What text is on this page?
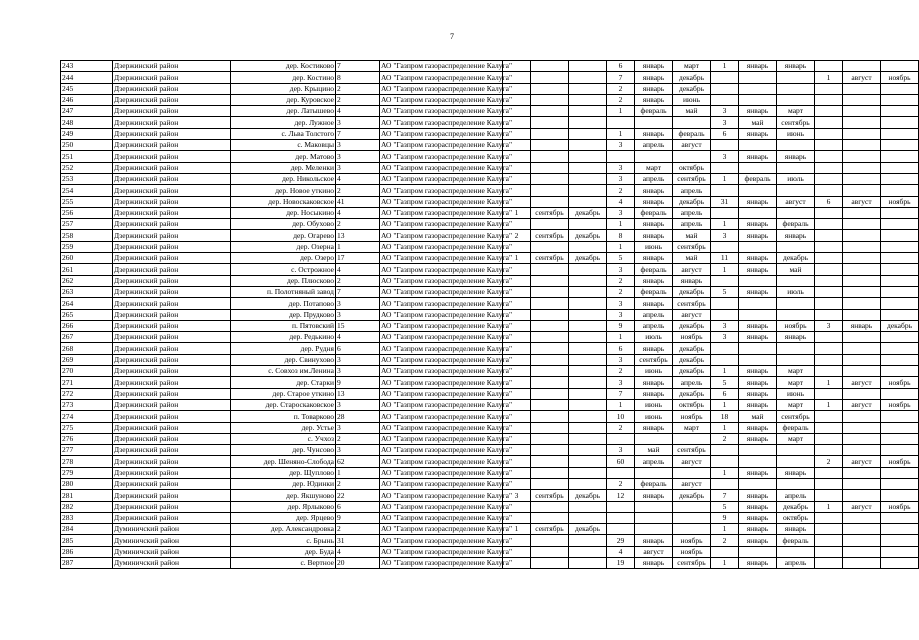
7
243	Дзержинский район	дер. Костиково	7	АО "Газпром газораспределение Калуга"				6	январь	март	1	январь	январь			
244	Дзержинский район	дер. Костино	8	АО "Газпром газораспределение Калуга"				7	январь	декабрь				1	август	ноябрь
245	Дзержинский район	дер. Крыцино	2	АО "Газпром газораспределение Калуга"				2	январь	декабрь						
246	Дзержинский район	дер. Куровское	2	АО "Газпром газораспределение Калуга"				2	январь	июнь						
247	Дзержинский район	дер. Латышево	4	АО "Газпром газораспределение Калуга"				1	февраль	май	3	январь	март			
248	Дзержинский район	дер. Лужное	3	АО "Газпром газораспределение Калуга"							3	май	сентябрь			
249	Дзержинский район	с. Льва Толстого	7	АО "Газпром газораспределение Калуга"				1	январь	февраль	6	январь	июнь			
250	Дзержинский район	с. Маковцы	3	АО "Газпром газораспределение Калуга"				3	апрель	август						
251	Дзержинский район	дер. Матово	3	АО "Газпром газораспределение Калуга"							3	январь	январь			
252	Дзержинский район	дер. Меленки	3	АО "Газпром газораспределение Калуга"				3	март	октябрь						
253	Дзержинский район	дер. Никольское	4	АО "Газпром газораспределение Калуга"				3	апрель	сентябрь	1	февраль	июль			
254	Дзержинский район	дер. Новое уткино	2	АО "Газпром газораспределение Калуга"				2	январь	апрель						
255	Дзержинский район	дер. Новоскаковское	41	АО "Газпром газораспределение Калуга"				4	январь	декабрь	31	январь	август	6	август	ноябрь
256	Дзержинский район	дер. Носыкино	4	АО "Газпром газораспределение Калуга"	1	сентябрь	декабрь	3	февраль	апрель						
257	Дзержинский район	дер. Обухово	2	АО "Газпром газораспределение Калуга"				1	январь	апрель	1	январь	февраль			
258	Дзержинский район	дер. Огарево	13	АО "Газпром газораспределение Калуга"	2	сентябрь	декабрь	8	январь	май	3	январь	январь			
259	Дзержинский район	дер. Озерна	1	АО "Газпром газораспределение Калуга"				1	июнь	сентябрь						
260	Дзержинский район	дер. Озеро	17	АО "Газпром газораспределение Калуга"	1	сентябрь	декабрь	5	январь	май	11	январь	декабрь			
261	Дзержинский район	с. Острожное	4	АО "Газпром газораспределение Калуга"				3	февраль	август	1	январь	май			
262	Дзержинский район	дер. Плюсково	2	АО "Газпром газораспределение Калуга"				2	январь	январь						
263	Дзержинский район	п. Полотняный завод	7	АО "Газпром газораспределение Калуга"				2	февраль	декабрь	5	январь	июль			
264	Дзержинский район	дер. Потапово	3	АО "Газпром газораспределение Калуга"				3	январь	сентябрь						
265	Дзержинский район	дер. Прудково	3	АО "Газпром газораспределение Калуга"				3	апрель	август						
266	Дзержинский район	п. Пятовский	15	АО "Газпром газораспределение Калуга"				9	апрель	декабрь	3	январь	ноябрь	3	январь	декабрь
267	Дзержинский район	дер. Редькино	4	АО "Газпром газораспределение Калуга"				1	июль	ноябрь	3	январь	январь			
268	Дзержинский район	дер. Рудня	6	АО "Газпром газораспределение Калуга"				6	январь	декабрь						
269	Дзержинский район	дер. Свинухово	3	АО "Газпром газораспределение Калуга"				3	сентябрь	декабрь						
270	Дзержинский район	с. Совхоз им.Ленина	3	АО "Газпром газораспределение Калуга"				2	июнь	декабрь	1	январь	март			
271	Дзержинский район	дер. Старки	9	АО "Газпром газораспределение Калуга"				3	январь	апрель	5	январь	март	1	август	ноябрь
272	Дзержинский район	дер. Старое уткино	13	АО "Газпром газораспределение Калуга"				7	январь	декабрь	6	январь	июнь			
273	Дзержинский район	дер. Староскаковское	3	АО "Газпром газораспределение Калуга"				1	июнь	октябрь	1	январь	март	1	август	ноябрь
274	Дзержинский район	п. Товарково	28	АО "Газпром газораспределение Калуга"				10	июнь	ноябрь	18	май	сентябрь			
275	Дзержинский район	дер. Устье	3	АО "Газпром газораспределение Калуга"				2	январь	март	1	январь	февраль			
276	Дзержинский район	с. Учхоз	2	АО "Газпром газораспределение Калуга"							2	январь	март			
277	Дзержинский район	дер. Чунсово	3	АО "Газпром газораспределение Калуга"				3	май	сентябрь						
278	Дзержинский район	дер. Шеняно-Слобода	62	АО "Газпром газораспределение Калуга"				60	апрель	август				2	август	ноябрь
279	Дзержинский район	дер. Щуплово	1	АО "Газпром газораспределение Калуга"							1	январь	январь			
280	Дзержинский район	дер. Юдинки	2	АО "Газпром газораспределение Калуга"				2	февраль	август						
281	Дзержинский район	дер. Якшуново	22	АО "Газпром газораспределение Калуга"	3	сентябрь	декабрь	12	январь	декабрь	7	январь	апрель			
282	Дзержинский район	дер. Ярлыково	6	АО "Газпром газораспределение Калуга"							5	январь	декабрь	1	август	ноябрь
283	Дзержинский район	дер. Ярцево	9	АО "Газпром газораспределение Калуга"							9	январь	октябрь			
284	Думиничский район	дер. Александровка	2	АО "Газпром газораспределение Калуга"	1	сентябрь	декабрь				1	январь	январь			
285	Думиничский район	с. Брынь	31	АО "Газпром газораспределение Калуга"				29	январь	ноябрь	2	январь	февраль			
286	Думиничский район	дер. Буда	4	АО "Газпром газораспределение Калуга"				4	август	ноябрь						
287	Думиничский район	с. Вертное	20	АО "Газпром газораспределение Калуга"				19	январь	сентябрь	1	январь	апрель			
